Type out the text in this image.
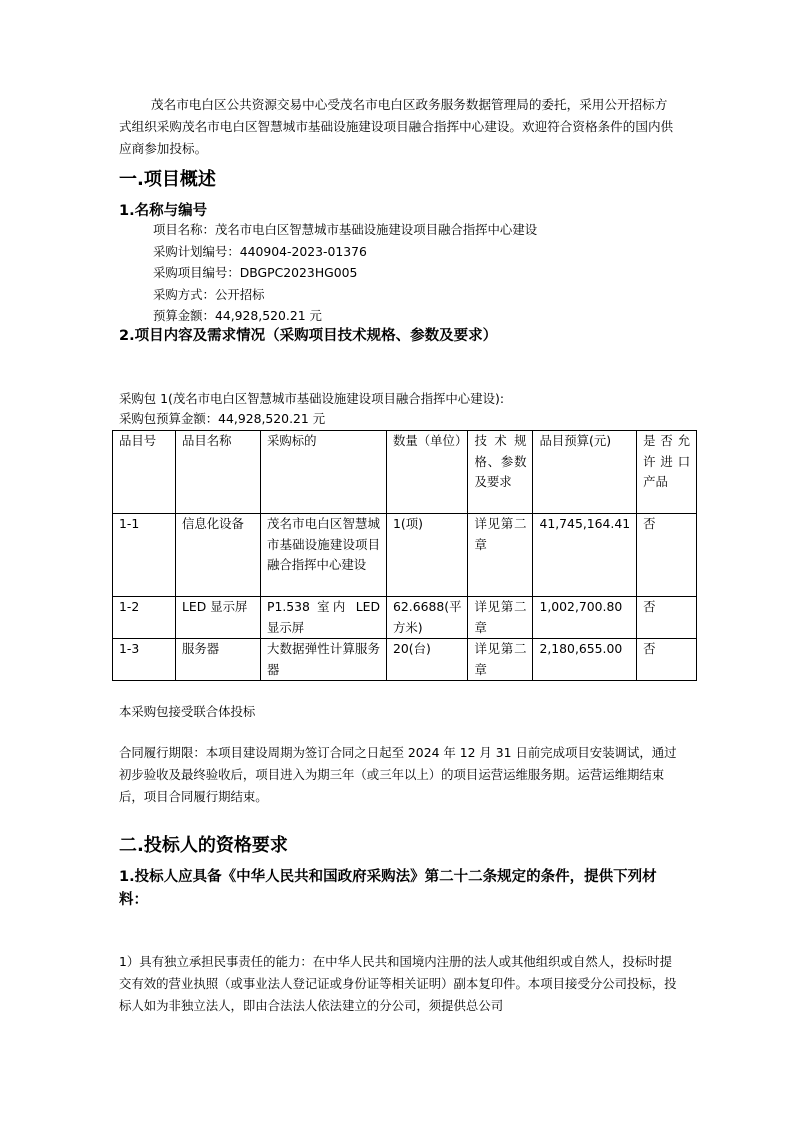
茂名市电白区公共资源交易中心受茂名市电白区政务服务数据管理局的委托，采用公开招标方式组织采购茂名市电白区智慧城市基础设施建设项目融合指挥中心建设。欢迎符合资格条件的国内供应商参加投标。
一.项目概述
1.名称与编号
项目名称：茂名市电白区智慧城市基础设施建设项目融合指挥中心建设
采购计划编号：440904-2023-01376
采购项目编号：DBGPC2023HG005
采购方式：公开招标
预算金额：44,928,520.21 元
2.项目内容及需求情况（采购项目技术规格、参数及要求）
采购包 1(茂名市电白区智慧城市基础设施建设项目融合指挥中心建设):
采购包预算金额：44,928,520.21 元
品目号	品目名称	采购标的	数量（单位）	技术规格、参数及要求	品目预算(元)	是否允许进口产品
1-1	信息化设备	茂名市电白区智慧城市基础设施建设项目融合指挥中心建设	1(项)	详见第二章	41,745,164.41	否
1-2	LED 显示屏	P1.538 室内 LED 显示屏	62.6688(平方米)	详见第二章	1,002,700.80	否
1-3	服务器	大数据弹性计算服务器	20(台)	详见第二章	2,180,655.00	否
本采购包接受联合体投标
合同履行期限：本项目建设周期为签订合同之日起至 2024 年 12 月 31 日前完成项目安装调试，通过初步验收及最终验收后，项目进入为期三年（或三年以上）的项目运营运维服务期。运营运维期结束后，项目合同履行期结束。
二.投标人的资格要求
1.投标人应具备《中华人民共和国政府采购法》第二十二条规定的条件，提供下列材料：
1）具有独立承担民事责任的能力：在中华人民共和国境内注册的法人或其他组织或自然人，投标时提交有效的营业执照（或事业法人登记证或身份证等相关证明）副本复印件。本项目接受分公司投标，投标人如为非独立法人，即由合法法人依法建立的分公司，须提供总公司
